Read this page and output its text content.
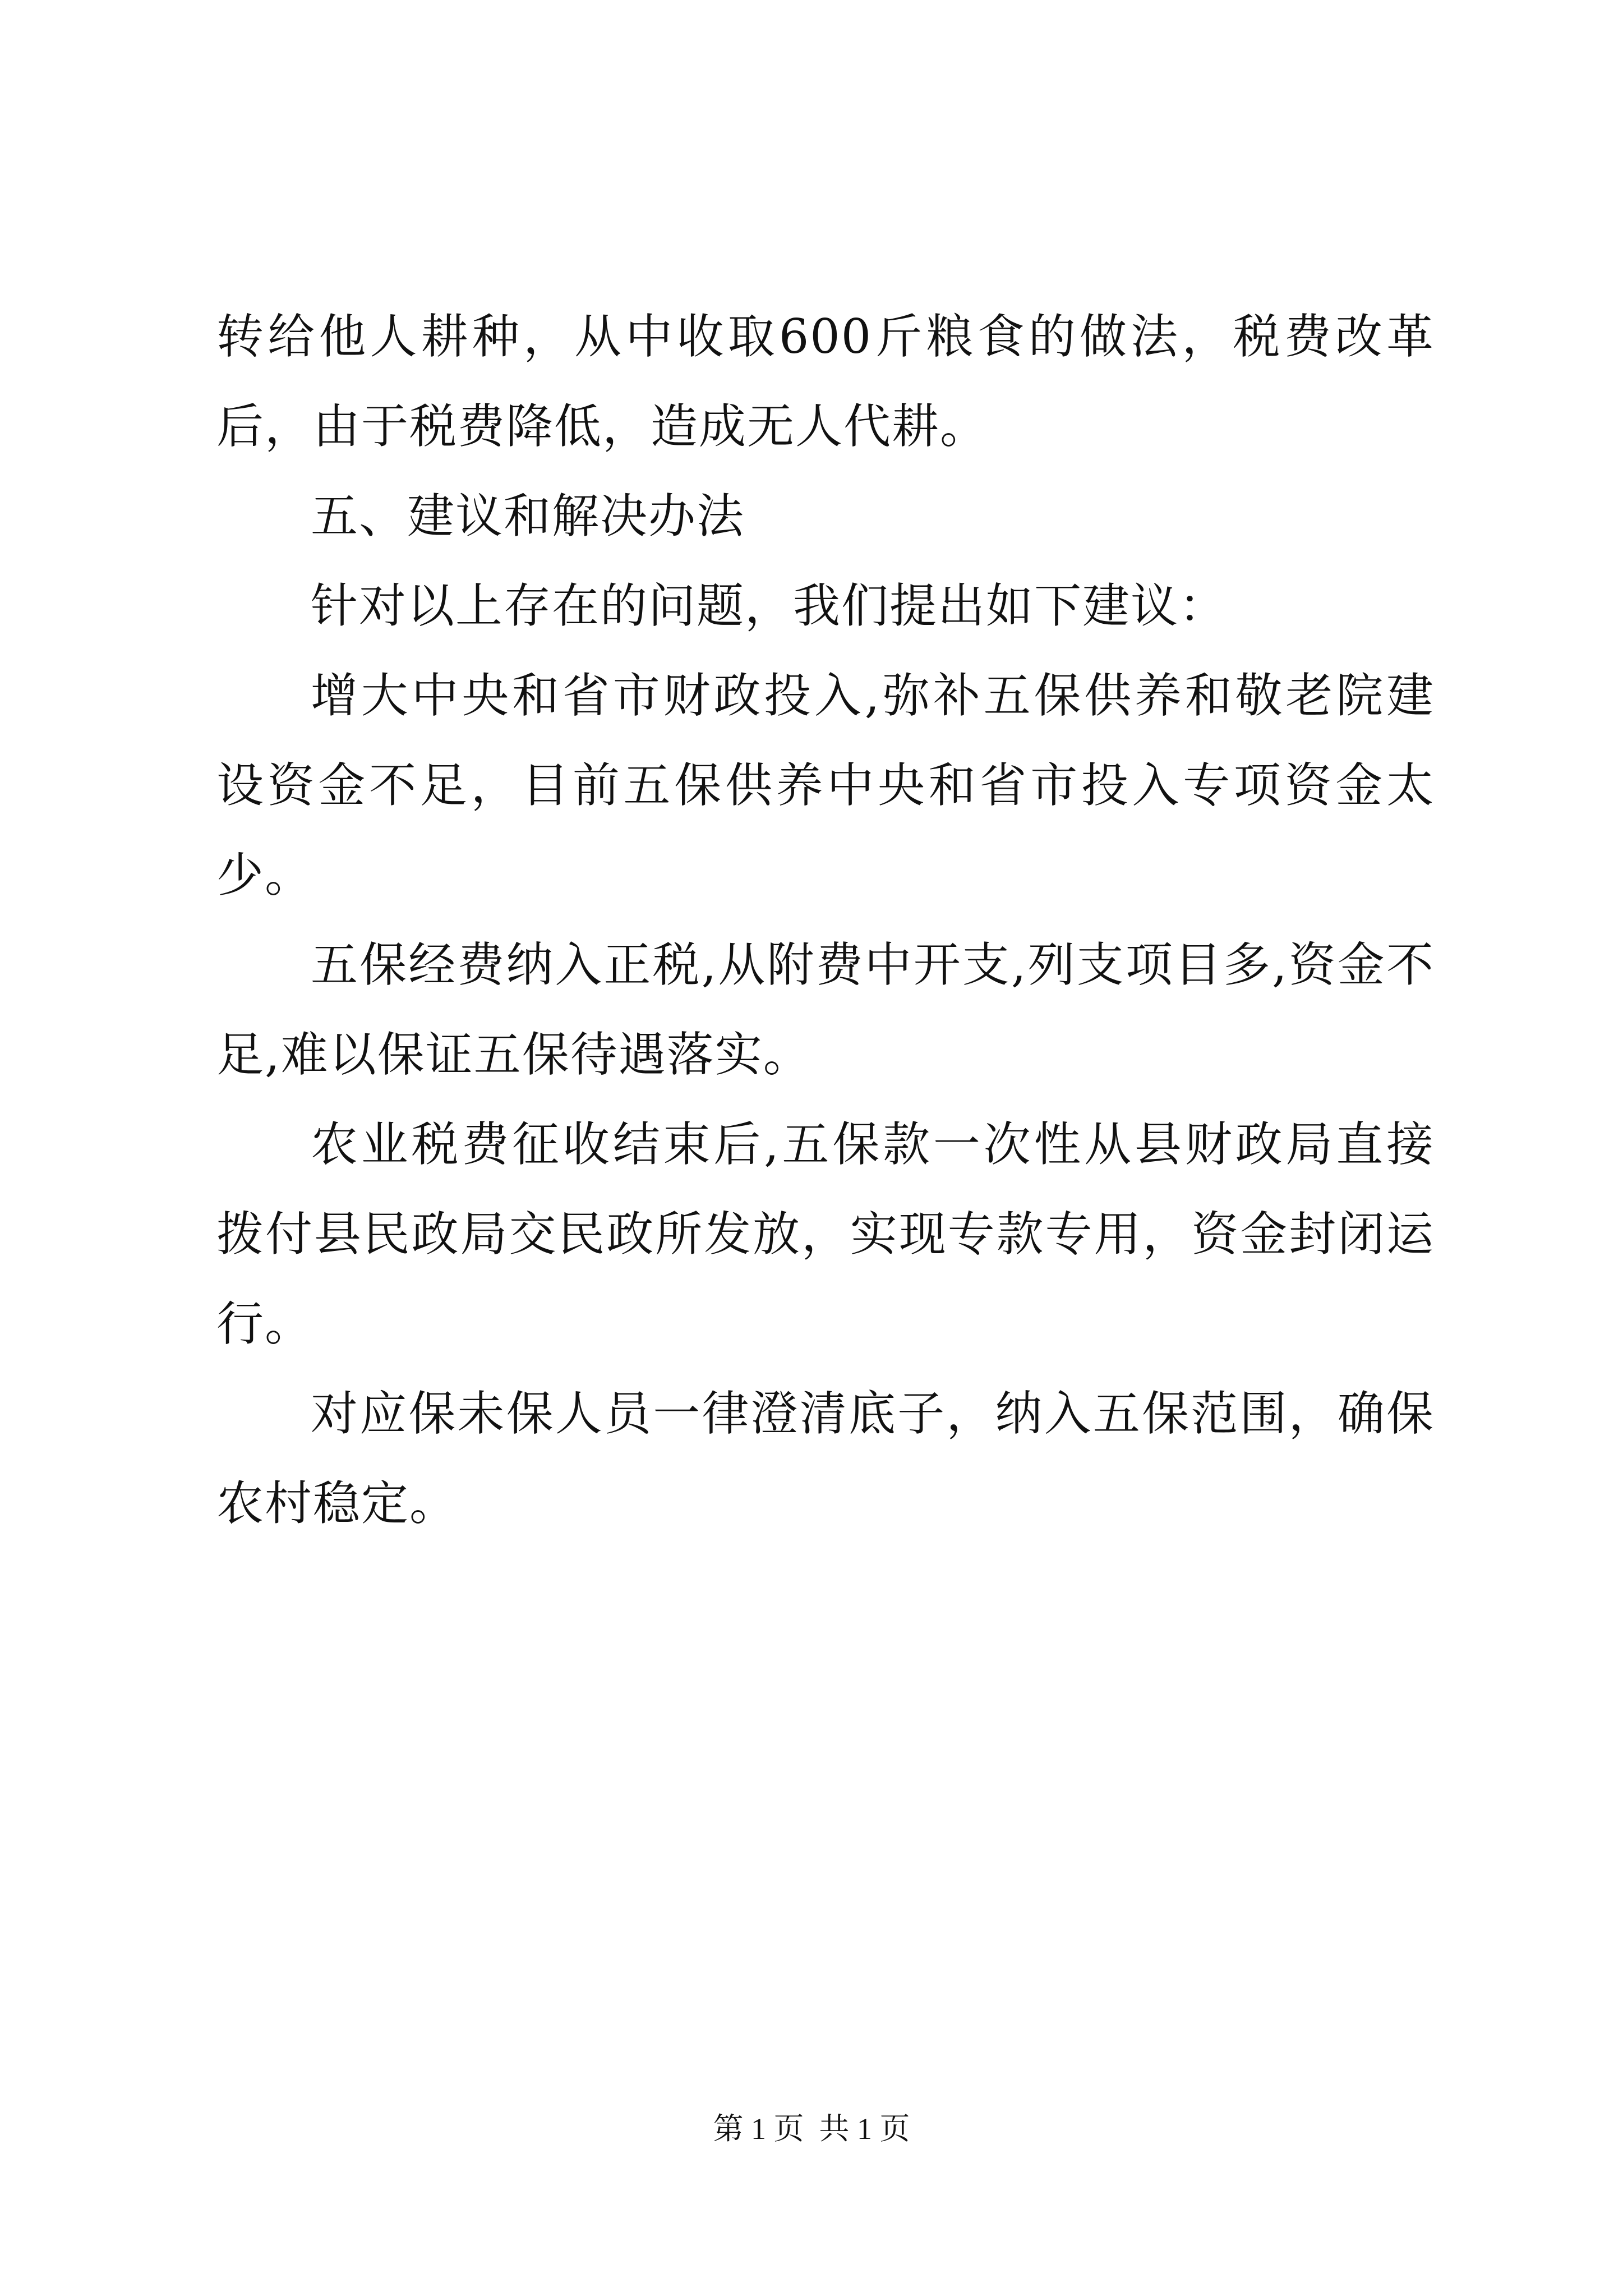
转给他人耕种，从中收取600斤粮食的做法，税费改革后，由于税费降低，造成无人代耕。

五、建议和解决办法

针对以上存在的问题，我们提出如下建议：

增大中央和省市财政投入,弥补五保供养和敬老院建设资金不足，目前五保供养中央和省市投入专项资金太少。

五保经费纳入正税,从附费中开支,列支项目多,资金不足,难以保证五保待遇落实。

农业税费征收结束后,五保款一次性从县财政局直接拨付县民政局交民政所发放，实现专款专用，资金封闭运行。

对应保未保人员一律澄清底子，纳入五保范围，确保农村稳定。

第 1 页  共 1 页
